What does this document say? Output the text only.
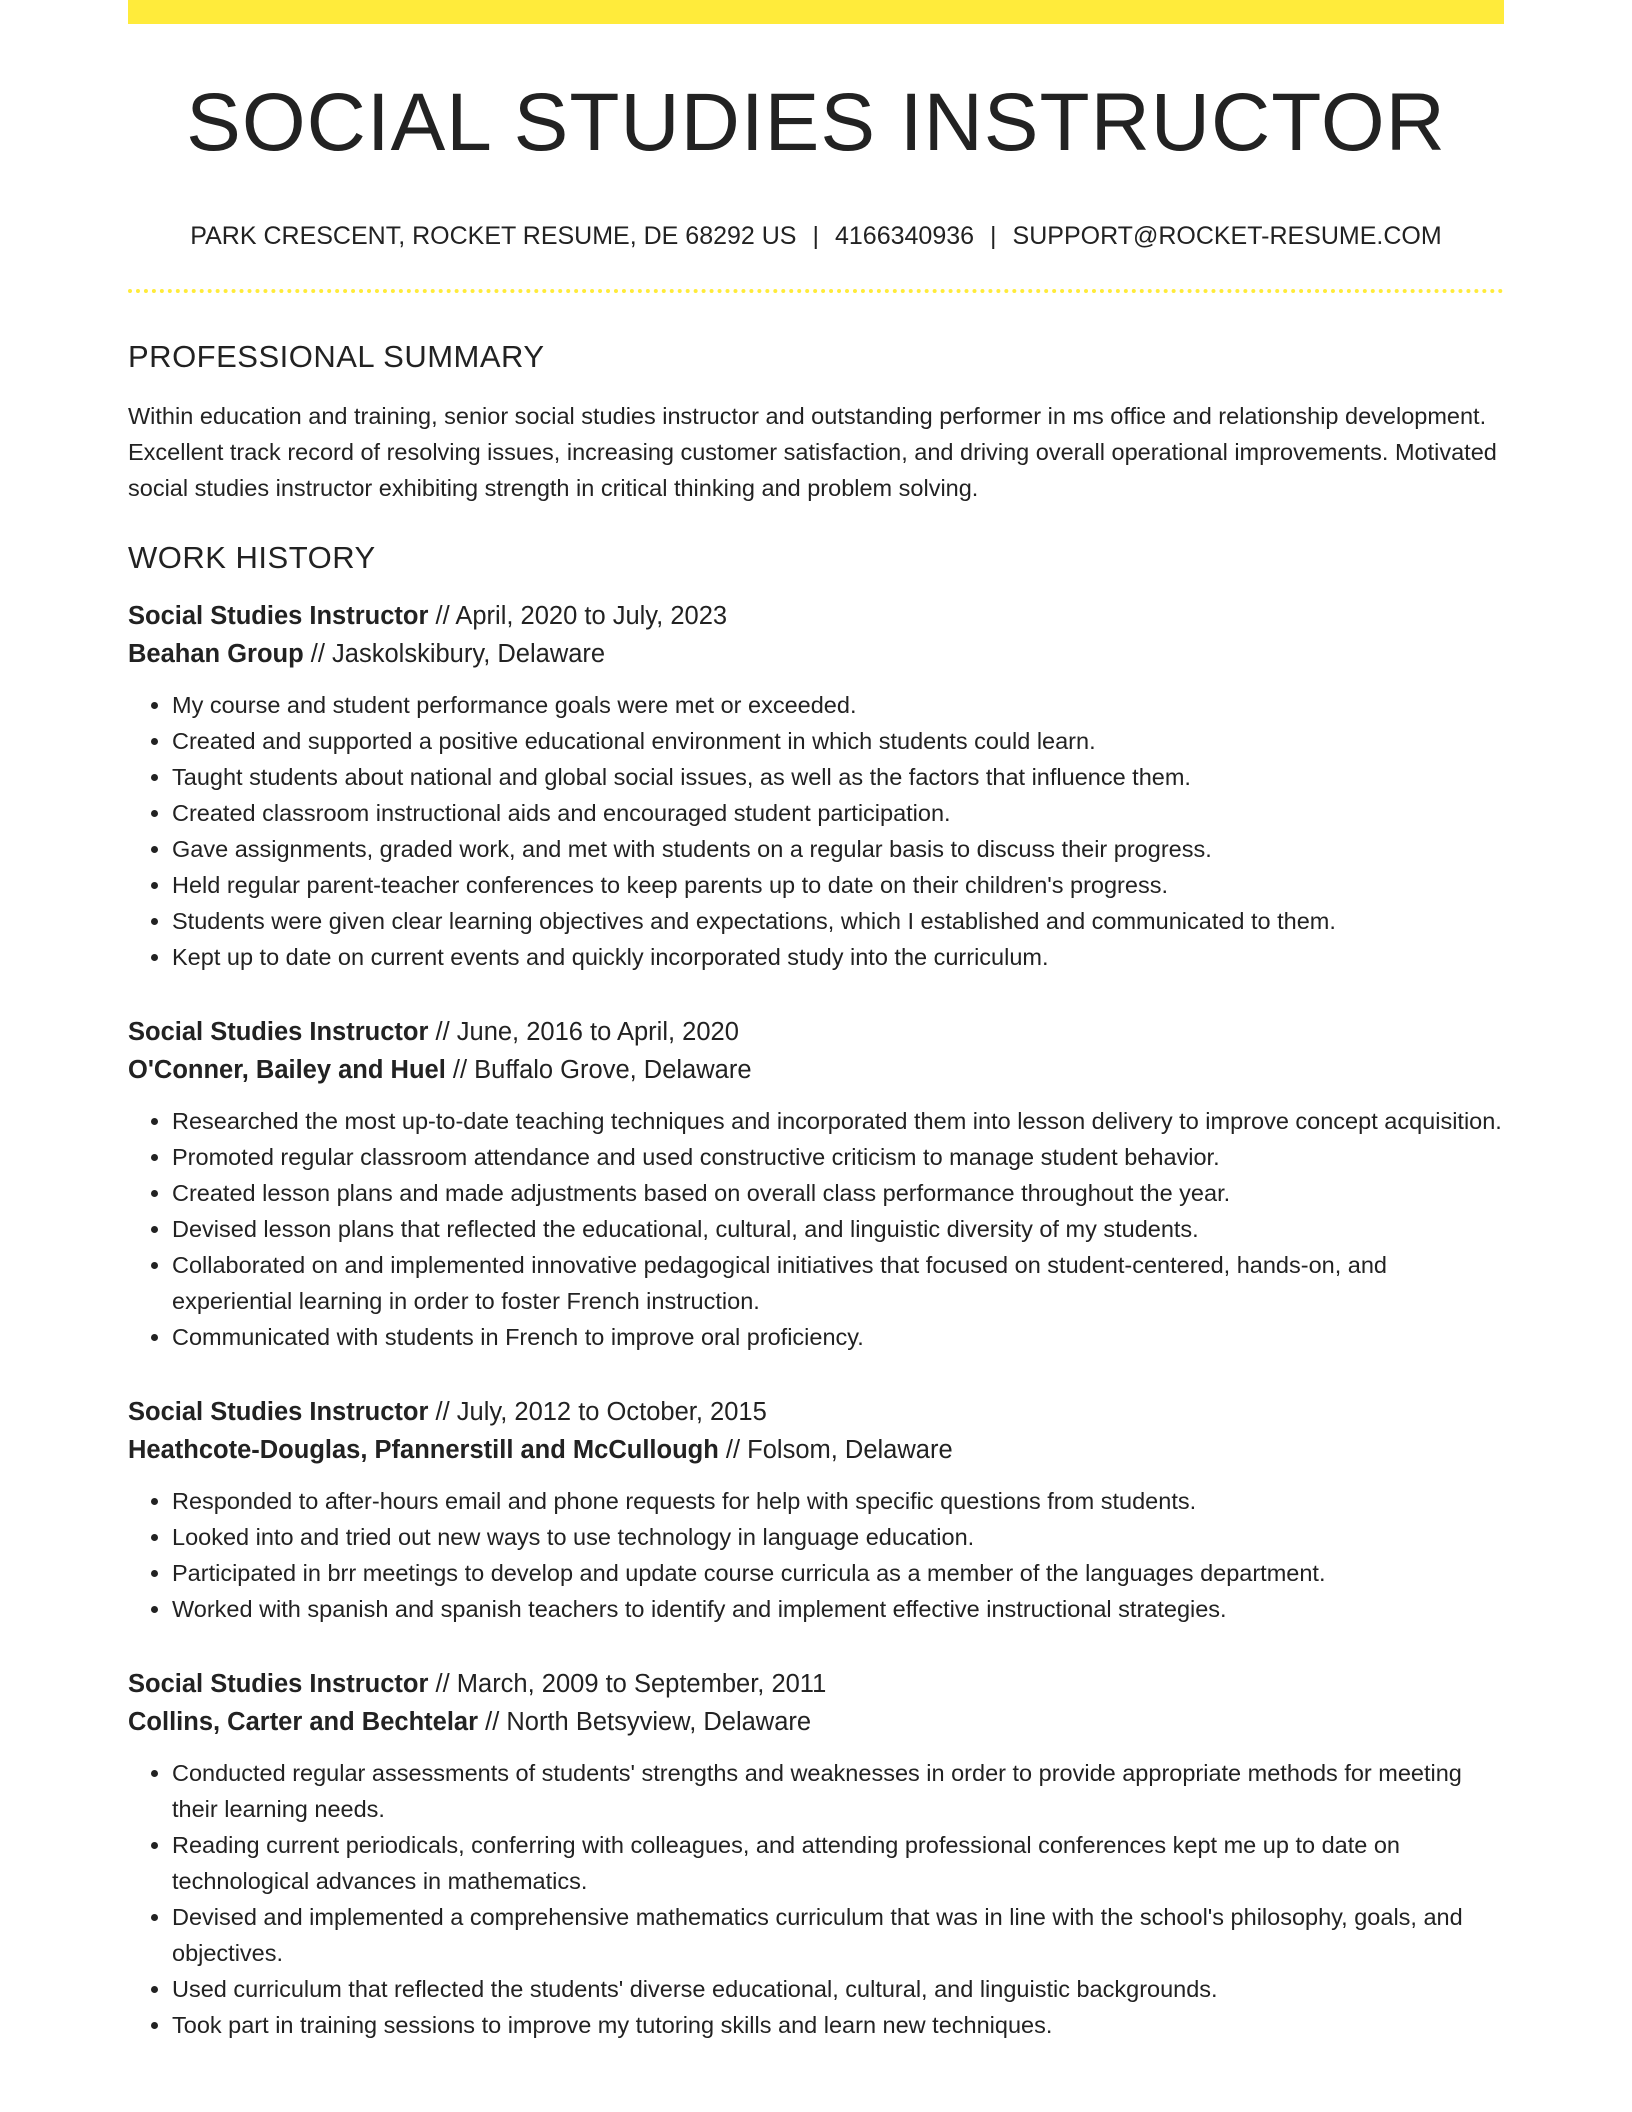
SOCIAL STUDIES INSTRUCTOR
PARK CRESCENT, ROCKET RESUME, DE 68292 US | 4166340936 | SUPPORT@ROCKET-RESUME.COM
PROFESSIONAL SUMMARY
Within education and training, senior social studies instructor and outstanding performer in ms office and relationship development. Excellent track record of resolving issues, increasing customer satisfaction, and driving overall operational improvements. Motivated social studies instructor exhibiting strength in critical thinking and problem solving.
WORK HISTORY
Social Studies Instructor // April, 2020 to July, 2023
Beahan Group // Jaskolskibury, Delaware
• My course and student performance goals were met or exceeded.
• Created and supported a positive educational environment in which students could learn.
• Taught students about national and global social issues, as well as the factors that influence them.
• Created classroom instructional aids and encouraged student participation.
• Gave assignments, graded work, and met with students on a regular basis to discuss their progress.
• Held regular parent-teacher conferences to keep parents up to date on their children's progress.
• Students were given clear learning objectives and expectations, which I established and communicated to them.
• Kept up to date on current events and quickly incorporated study into the curriculum.
Social Studies Instructor // June, 2016 to April, 2020
O'Conner, Bailey and Huel // Buffalo Grove, Delaware
• Researched the most up-to-date teaching techniques and incorporated them into lesson delivery to improve concept acquisition.
• Promoted regular classroom attendance and used constructive criticism to manage student behavior.
• Created lesson plans and made adjustments based on overall class performance throughout the year.
• Devised lesson plans that reflected the educational, cultural, and linguistic diversity of my students.
• Collaborated on and implemented innovative pedagogical initiatives that focused on student-centered, hands-on, and experiential learning in order to foster French instruction.
• Communicated with students in French to improve oral proficiency.
Social Studies Instructor // July, 2012 to October, 2015
Heathcote-Douglas, Pfannerstill and McCullough // Folsom, Delaware
• Responded to after-hours email and phone requests for help with specific questions from students.
• Looked into and tried out new ways to use technology in language education.
• Participated in brr meetings to develop and update course curricula as a member of the languages department.
• Worked with spanish and spanish teachers to identify and implement effective instructional strategies.
Social Studies Instructor // March, 2009 to September, 2011
Collins, Carter and Bechtelar // North Betsyview, Delaware
• Conducted regular assessments of students' strengths and weaknesses in order to provide appropriate methods for meeting their learning needs.
• Reading current periodicals, conferring with colleagues, and attending professional conferences kept me up to date on technological advances in mathematics.
• Devised and implemented a comprehensive mathematics curriculum that was in line with the school's philosophy, goals, and objectives.
• Used curriculum that reflected the students' diverse educational, cultural, and linguistic backgrounds.
• Took part in training sessions to improve my tutoring skills and learn new techniques.
